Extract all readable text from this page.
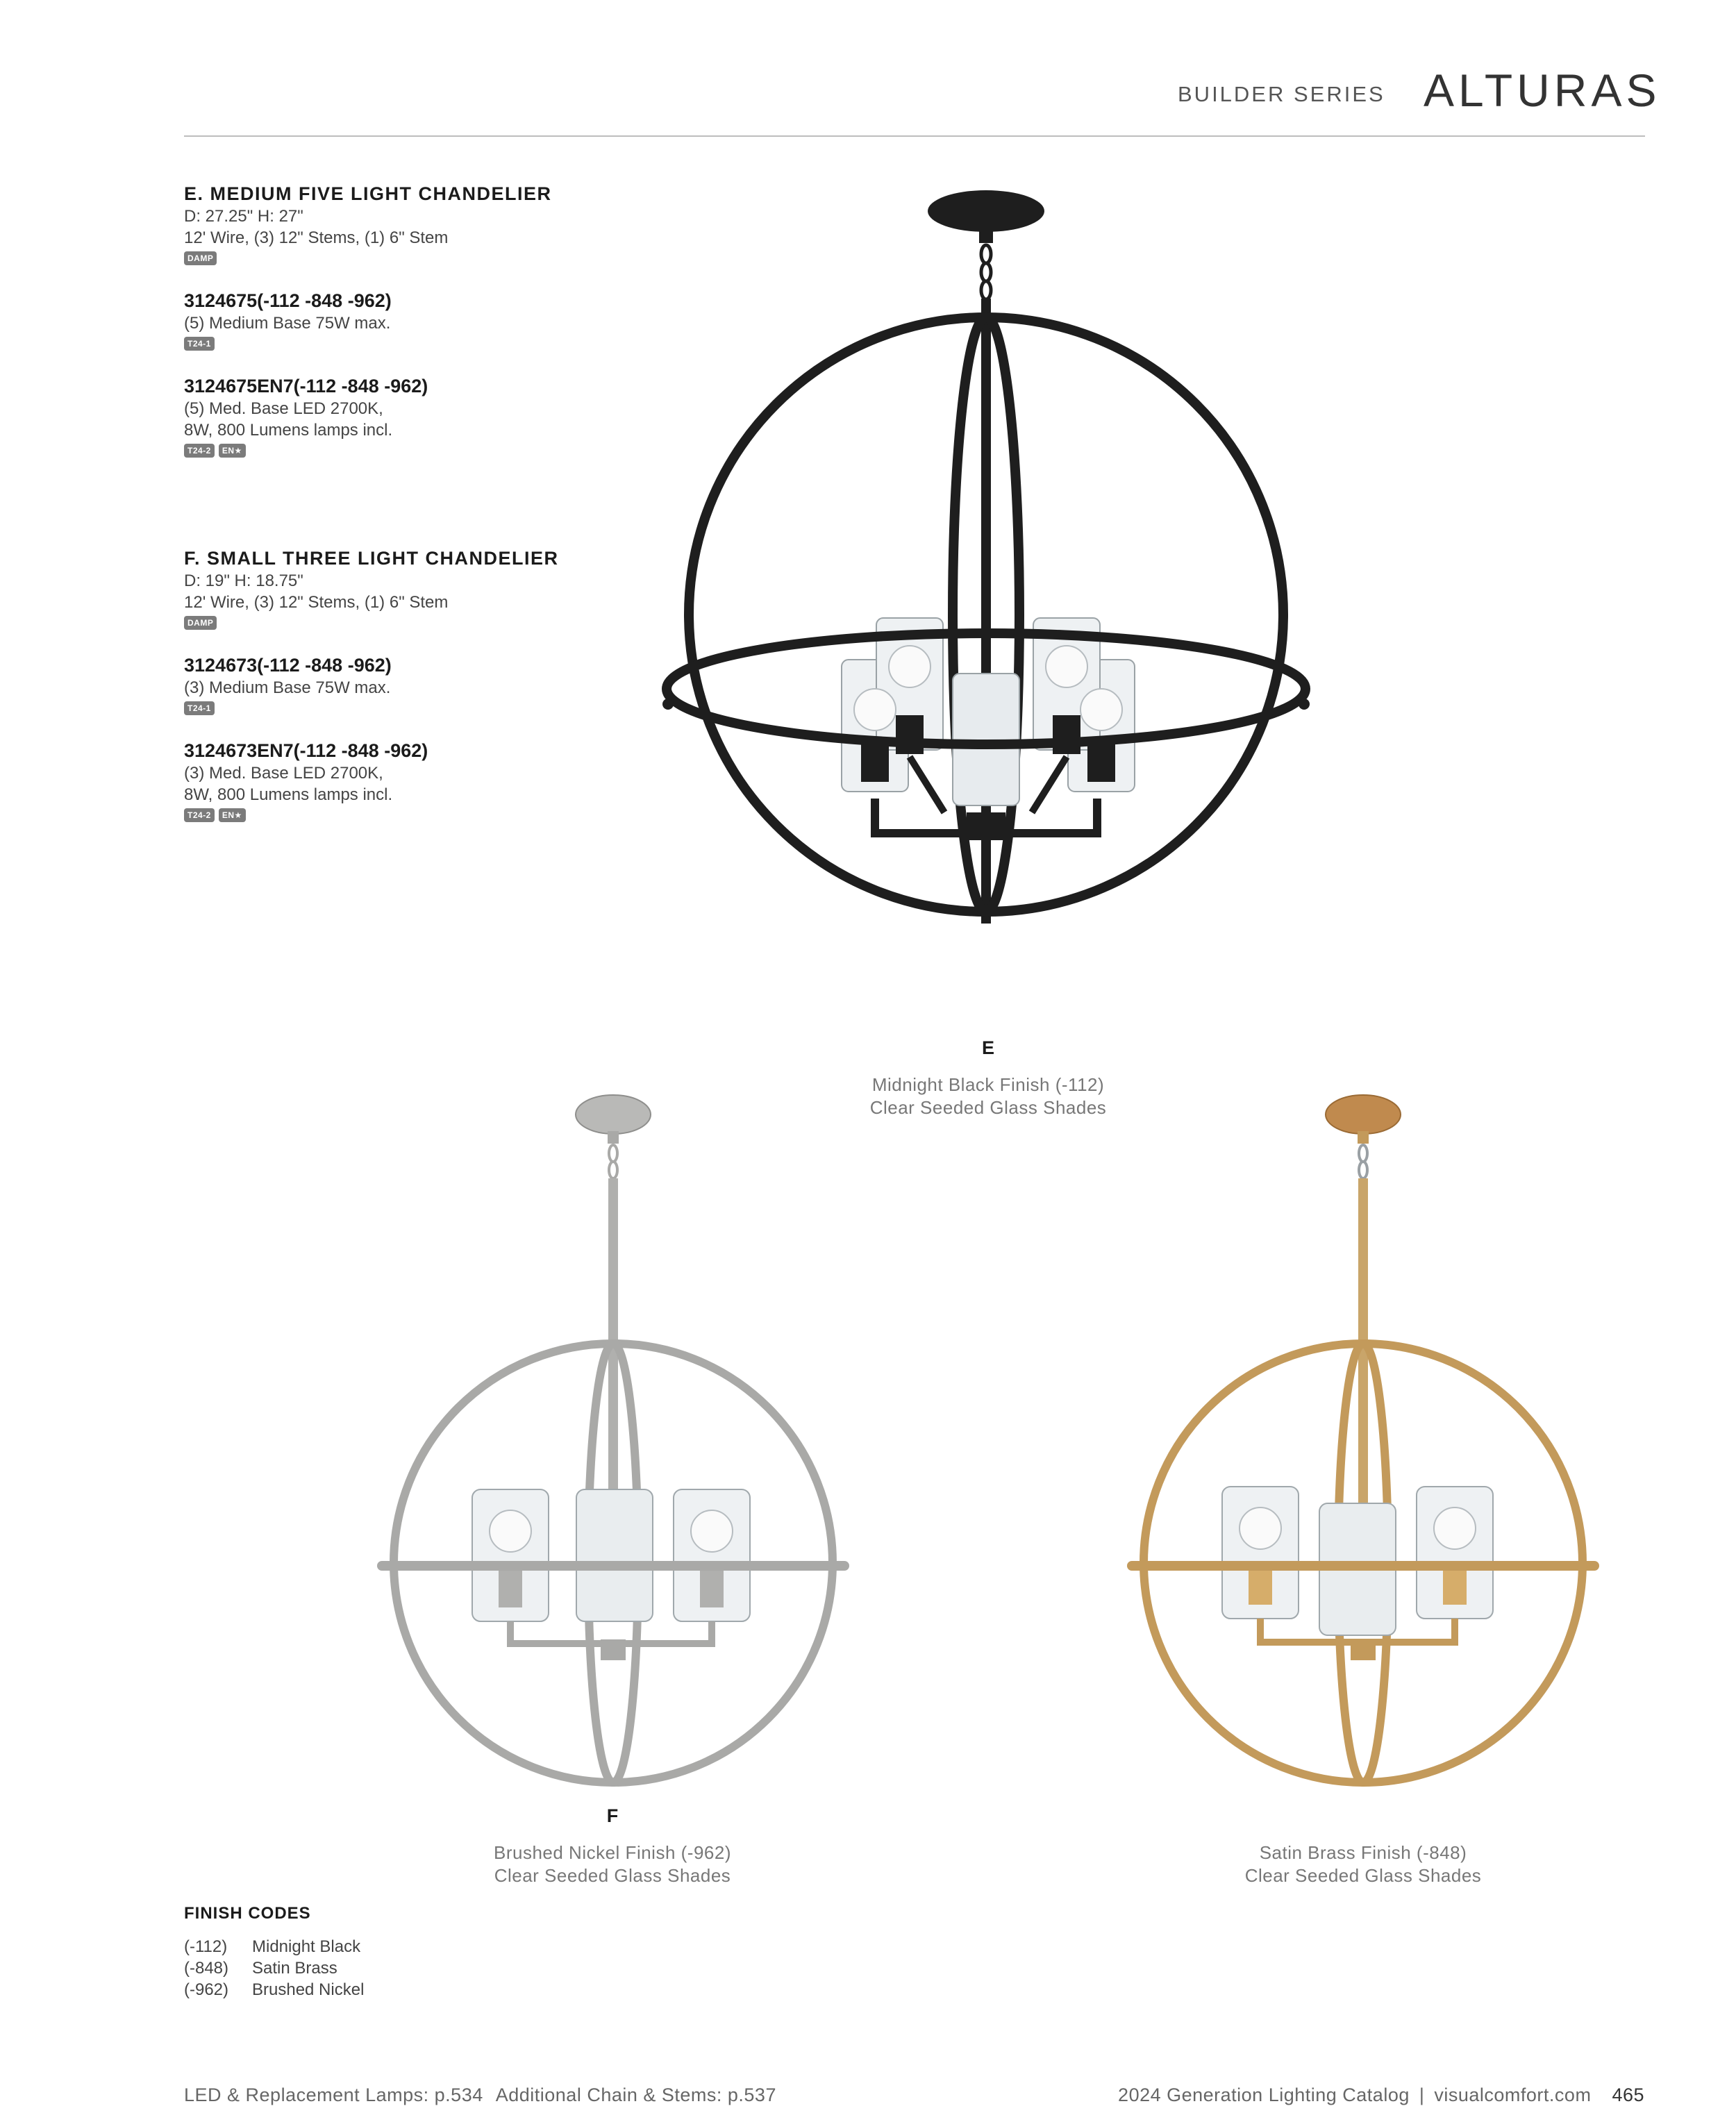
BUILDER SERIES ALTURAS
E. MEDIUM FIVE LIGHT CHANDELIER
D: 27.25" H: 27"
12' Wire, (3) 12" Stems, (1) 6" Stem
DAMP
3124675(-112 -848 -962)
(5) Medium Base 75W max.
T24-1
3124675EN7(-112 -848 -962)
(5) Med. Base LED 2700K,
8W, 800 Lumens lamps incl.
T24-2	EN★
F. SMALL THREE LIGHT CHANDELIER
D: 19" H: 18.75"
12' Wire, (3) 12" Stems, (1) 6" Stem
DAMP
3124673(-112 -848 -962)
(3) Medium Base 75W max.
T24-1
3124673EN7(-112 -848 -962)
(3) Med. Base LED 2700K,
8W, 800 Lumens lamps incl.
T24-2	EN★
E
Midnight Black Finish (-112)
Clear Seeded Glass Shades
F
Brushed Nickel Finish (-962)
Clear Seeded Glass Shades
Satin Brass Finish (-848)
Clear Seeded Glass Shades
FINISH CODES
(-112) Midnight Black
(-848) Satin Brass
(-962) Brushed Nickel
LED & Replacement Lamps: p.534 Additional Chain & Stems: p.537	2024 Generation Lighting Catalog | visualcomfort.com 465
